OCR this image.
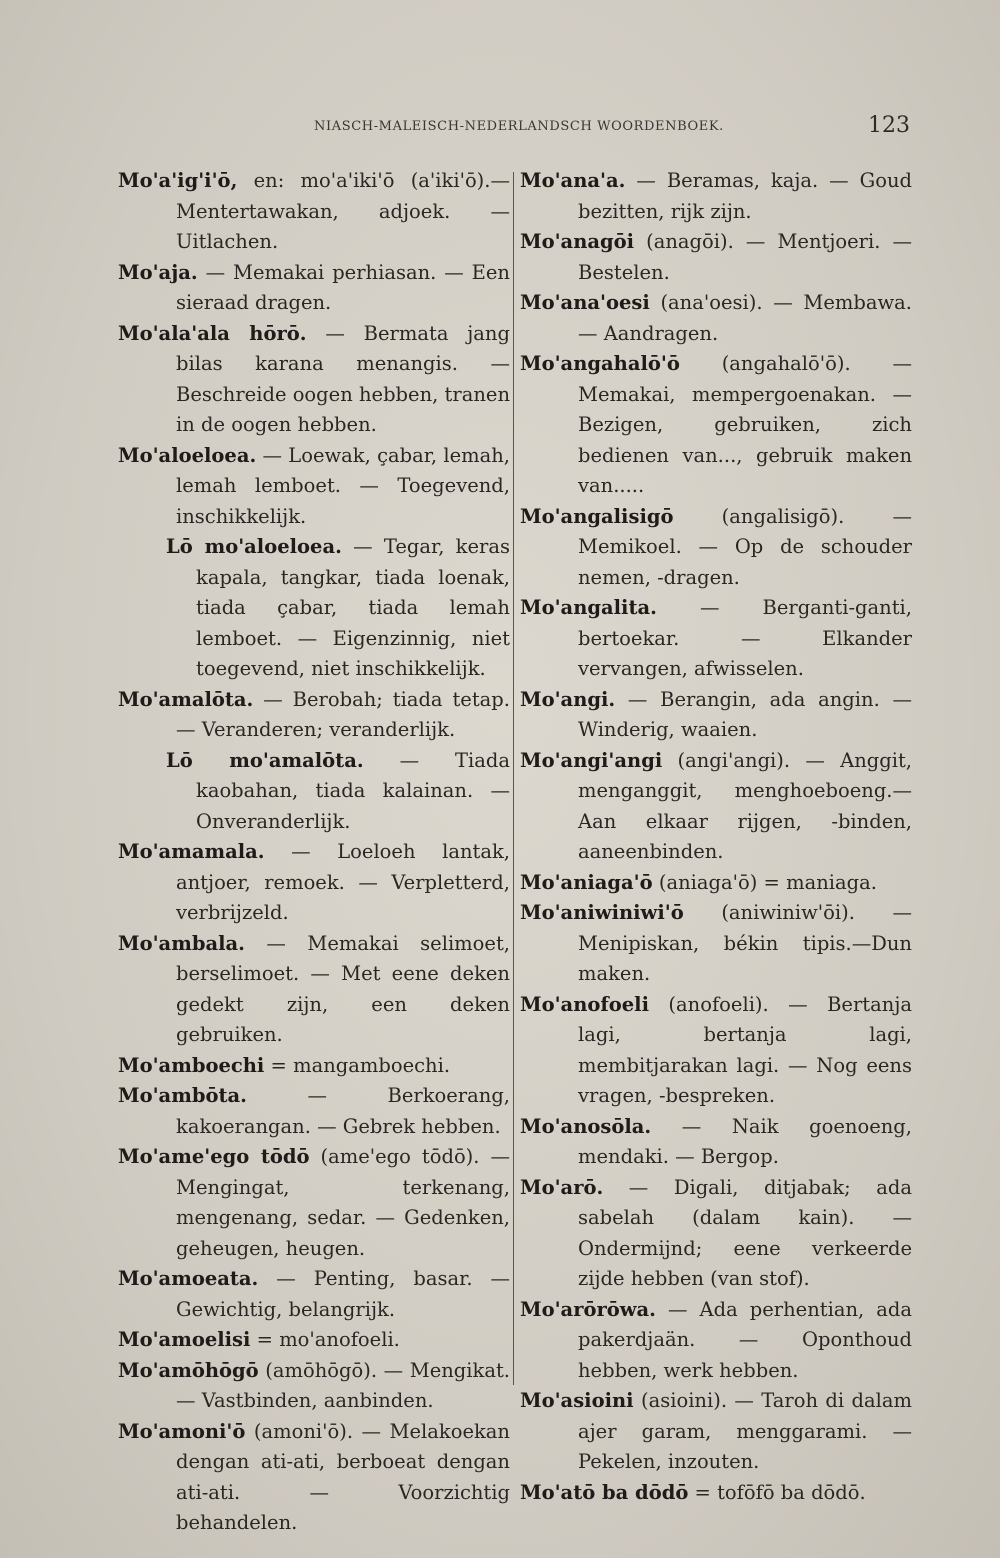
NIASCH-MALEISCH-NEDERLANDSCH WOORDENBOEK.	123
Mo'a'ig'i'ō, en: mo'a'iki'ō (a'iki'ō).—Mentertawakan, adjoek. — Uitlachen.
Mo'aja. — Memakai perhiasan. — Een sieraad dragen.
Mo'ala'ala hōrō. — Bermata jang bilas karana menangis. — Beschreide oogen hebben, tranen in de oogen hebben.
Mo'aloeloea. — Loewak, çabar, lemah, lemah lemboet. — Toegevend, inschikkelijk.
Lō mo'aloeloea. — Tegar, keras kapala, tangkar, tiada loenak, tiada çabar, tiada lemah lemboet. — Eigenzinnig, niet toegevend, niet inschikkelijk.
Mo'amalōta. — Berobah; tiada tetap. — Veranderen; veranderlijk.
Lō mo'amalōta. — Tiada kaobahan, tiada kalainan. — Onveranderlijk.
Mo'amamala. — Loeloeh lantak, antjoer, remoek. — Verpletterd, verbrijzeld.
Mo'ambala. — Memakai selimoet, berselimoet. — Met eene deken gedekt zijn, een deken gebruiken.
Mo'amboechi = mangamboechi.
Mo'ambōta. — Berkoerang, kakoerangan. — Gebrek hebben.
Mo'ame'ego tōdō (ame'ego tōdō). — Mengingat, terkenang, mengenang, sedar. — Gedenken, geheugen, heugen.
Mo'amoeata. — Penting, basar. — Gewichtig, belangrijk.
Mo'amoelisi = mo'anofoeli.
Mo'amōhōgō (amōhōgō). — Mengikat. — Vastbinden, aanbinden.
Mo'amoni'ō (amoni'ō). — Melakoekan dengan ati-ati, berboeat dengan ati-ati. — Voorzichtig behandelen.
Mo'ana'a. — Beramas, kaja. — Goud bezitten, rijk zijn.
Mo'anagōi (anagōi). — Mentjoeri. — Bestelen.
Mo'ana'oesi (ana'oesi). — Membawa. — Aandragen.
Mo'angahalō'ō (angahalō'ō). — Memakai, mempergoenakan. — Bezigen, gebruiken, zich bedienen van..., gebruik maken van.....
Mo'angalisigō (angalisigō). — Memikoel. — Op de schouder nemen, -dragen.
Mo'angalita. — Berganti-ganti, bertoekar. — Elkander vervangen, afwisselen.
Mo'angi. — Berangin, ada angin. — Winderig, waaien.
Mo'angi'angi (angi'angi). — Anggit, menganggit, menghoeboeng.—Aan elkaar rijgen, -binden, aaneenbinden.
Mo'aniaga'ō (aniaga'ō) = maniaga.
Mo'aniwiniwi'ō (aniwiniw'ōi). — Menipiskan, békin tipis.—Dun maken.
Mo'anofoeli (anofoeli). — Bertanja lagi, bertanja lagi, membitjarakan lagi. — Nog eens vragen, -bespreken.
Mo'anosōla. — Naik goenoeng, mendaki. — Bergop.
Mo'arō. — Digali, ditjabak; ada sabelah (dalam kain). — Ondermijnd; eene verkeerde zijde hebben (van stof).
Mo'arōrōwa. — Ada perhentian, ada pakerdjaän. — Oponthoud hebben, werk hebben.
Mo'asioini (asioini). — Taroh di dalam ajer garam, menggarami. — Pekelen, inzouten.
Mo'atō ba dōdō = tofōfō ba dōdō.
